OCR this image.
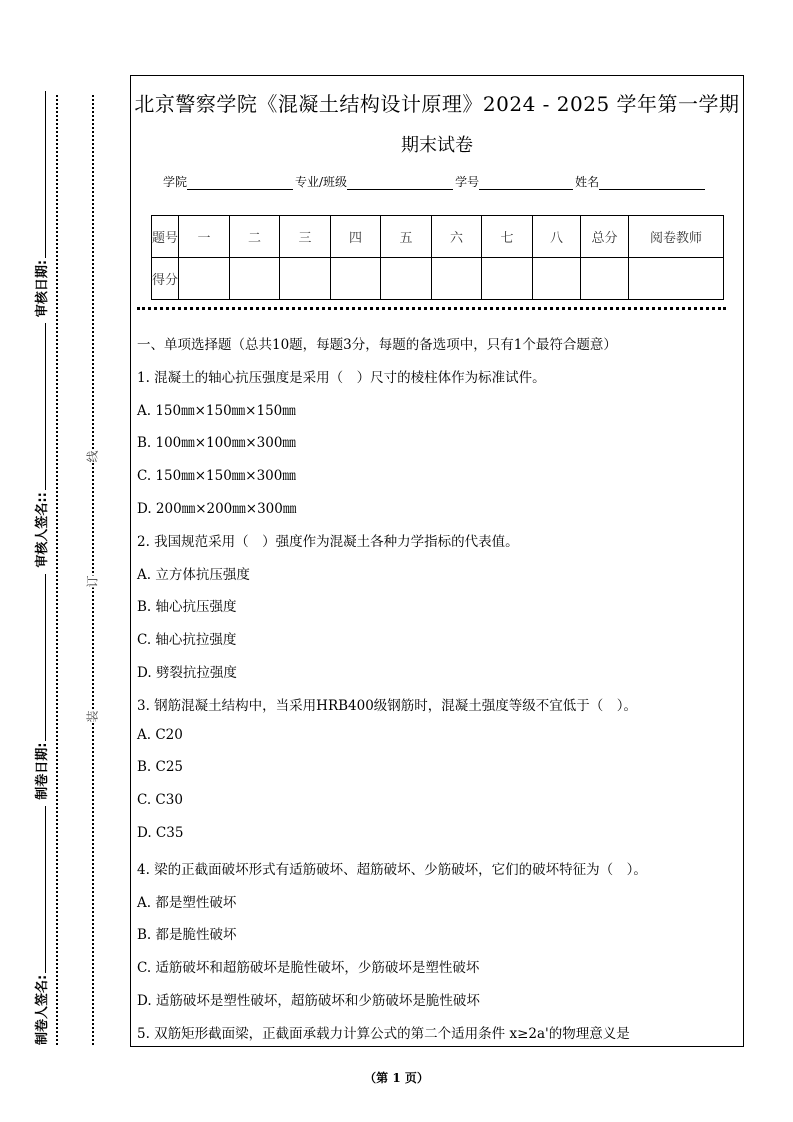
装
订
线
制卷人签名:
制卷日期:
审核人签名::
审核日期:
北京警察学院《混凝土结构设计原理》2024 - 2025 学年第一学期
期末试卷
学院	专业/班级	学号	姓名
题号	一	二	三	四	五	六	七	八	总分	阅卷教师
得分										
一、单项选择题（总共10题，每题3分，每题的备选项中，只有1个最符合题意）
1. 混凝土的轴心抗压强度是采用（　）尺寸的棱柱体作为标准试件。
A. 150㎜×150㎜×150㎜
B. 100㎜×100㎜×300㎜
C. 150㎜×150㎜×300㎜
D. 200㎜×200㎜×300㎜
2. 我国规范采用（　）强度作为混凝土各种力学指标的代表值。
A. 立方体抗压强度
B. 轴心抗压强度
C. 轴心抗拉强度
D. 劈裂抗拉强度
3. 钢筋混凝土结构中，当采用HRB400级钢筋时，混凝土强度等级不宜低于（　）。
A. C20
B. C25
C. C30
D. C35
4. 梁的正截面破坏形式有适筋破坏、超筋破坏、少筋破坏，它们的破坏特征为（　）。
A. 都是塑性破坏
B. 都是脆性破坏
C. 适筋破坏和超筋破坏是脆性破坏，少筋破坏是塑性破坏
D. 适筋破坏是塑性破坏，超筋破坏和少筋破坏是脆性破坏
5. 双筋矩形截面梁，正截面承载力计算公式的第二个适用条件 x≥2a'的物理意义是
（第 1 页）
